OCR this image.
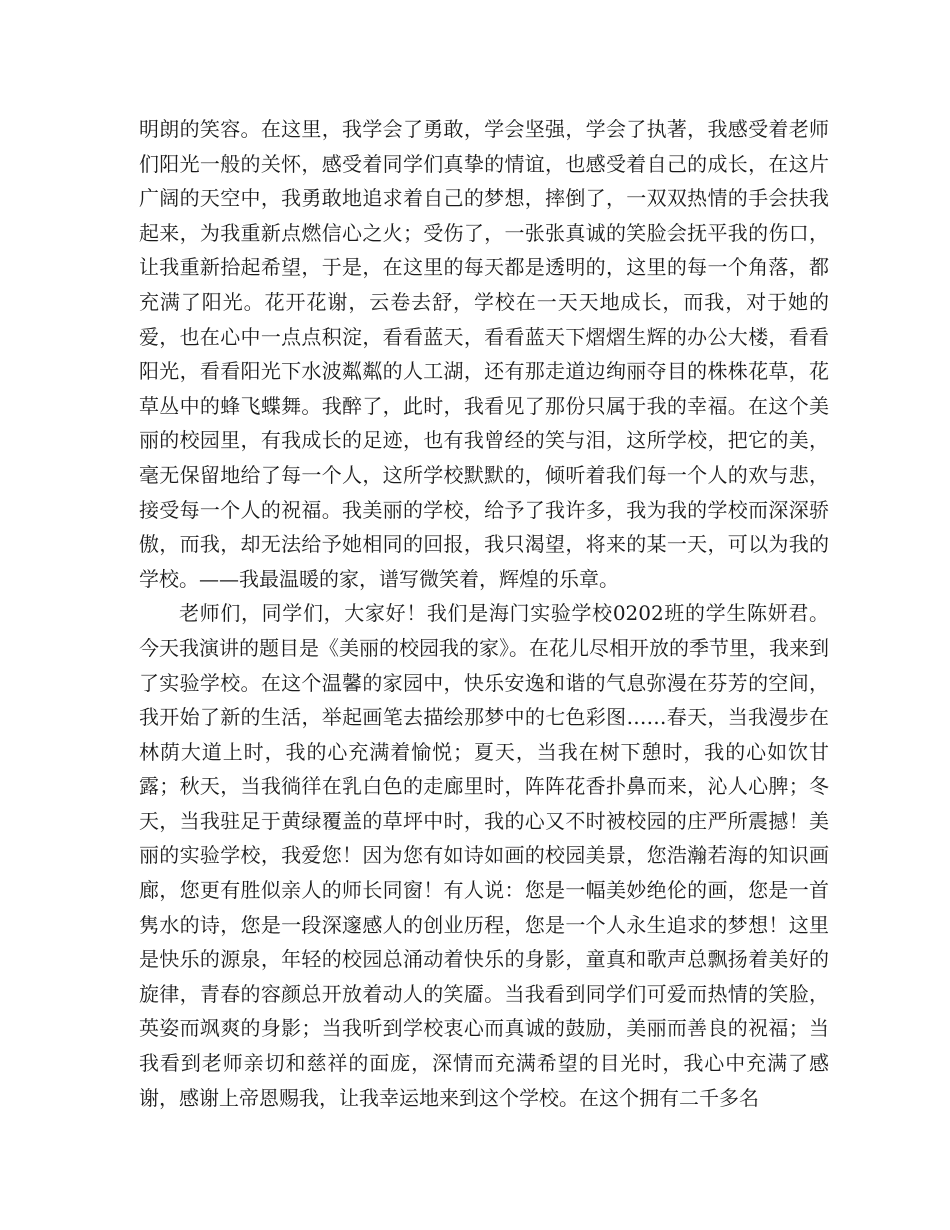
明朗的笑容。在这里，我学会了勇敢，学会坚强，学会了执著，我感受着老师们阳光一般的关怀，感受着同学们真挚的情谊，也感受着自己的成长，在这片广阔的天空中，我勇敢地追求着自己的梦想，摔倒了，一双双热情的手会扶我起来，为我重新点燃信心之火；受伤了，一张张真诚的笑脸会抚平我的伤口，让我重新拾起希望，于是，在这里的每天都是透明的，这里的每一个角落，都充满了阳光。花开花谢，云卷去舒，学校在一天天地成长，而我，对于她的爱，也在心中一点点积淀，看看蓝天，看看蓝天下熠熠生辉的办公大楼，看看阳光，看看阳光下水波粼粼的人工湖，还有那走道边绚丽夺目的株株花草，花草丛中的蜂飞蝶舞。我醉了，此时，我看见了那份只属于我的幸福。在这个美丽的校园里，有我成长的足迹，也有我曾经的笑与泪，这所学校，把它的美，毫无保留地给了每一个人，这所学校默默的，倾听着我们每一个人的欢与悲，接受每一个人的祝福。我美丽的学校，给予了我许多，我为我的学校而深深骄傲，而我，却无法给予她相同的回报，我只渴望，将来的某一天，可以为我的学校。——我最温暖的家，谱写微笑着，辉煌的乐章。

老师们，同学们，大家好！我们是海门实验学校0202班的学生陈妍君。今天我演讲的题目是《美丽的校园我的家》。在花儿尽相开放的季节里，我来到了实验学校。在这个温馨的家园中，快乐安逸和谐的气息弥漫在芬芳的空间，我开始了新的生活，举起画笔去描绘那梦中的七色彩图……春天，当我漫步在林荫大道上时，我的心充满着愉悦；夏天，当我在树下憩时，我的心如饮甘露；秋天，当我徜徉在乳白色的走廊里时，阵阵花香扑鼻而来，沁人心脾；冬天，当我驻足于黄绿覆盖的草坪中时，我的心又不时被校园的庄严所震撼！美丽的实验学校，我爱您！因为您有如诗如画的校园美景，您浩瀚若海的知识画廊，您更有胜似亲人的师长同窗！有人说：您是一幅美妙绝伦的画，您是一首隽水的诗，您是一段深邃感人的创业历程，您是一个人永生追求的梦想！这里是快乐的源泉，年轻的校园总涌动着快乐的身影，童真和歌声总飘扬着美好的旋律，青春的容颜总开放着动人的笑靥。当我看到同学们可爱而热情的笑脸，英姿而飒爽的身影；当我听到学校衷心而真诚的鼓励，美丽而善良的祝福；当我看到老师亲切和慈祥的面庞，深情而充满希望的目光时，我心中充满了感谢，感谢上帝恩赐我，让我幸运地来到这个学校。在这个拥有二千多名
